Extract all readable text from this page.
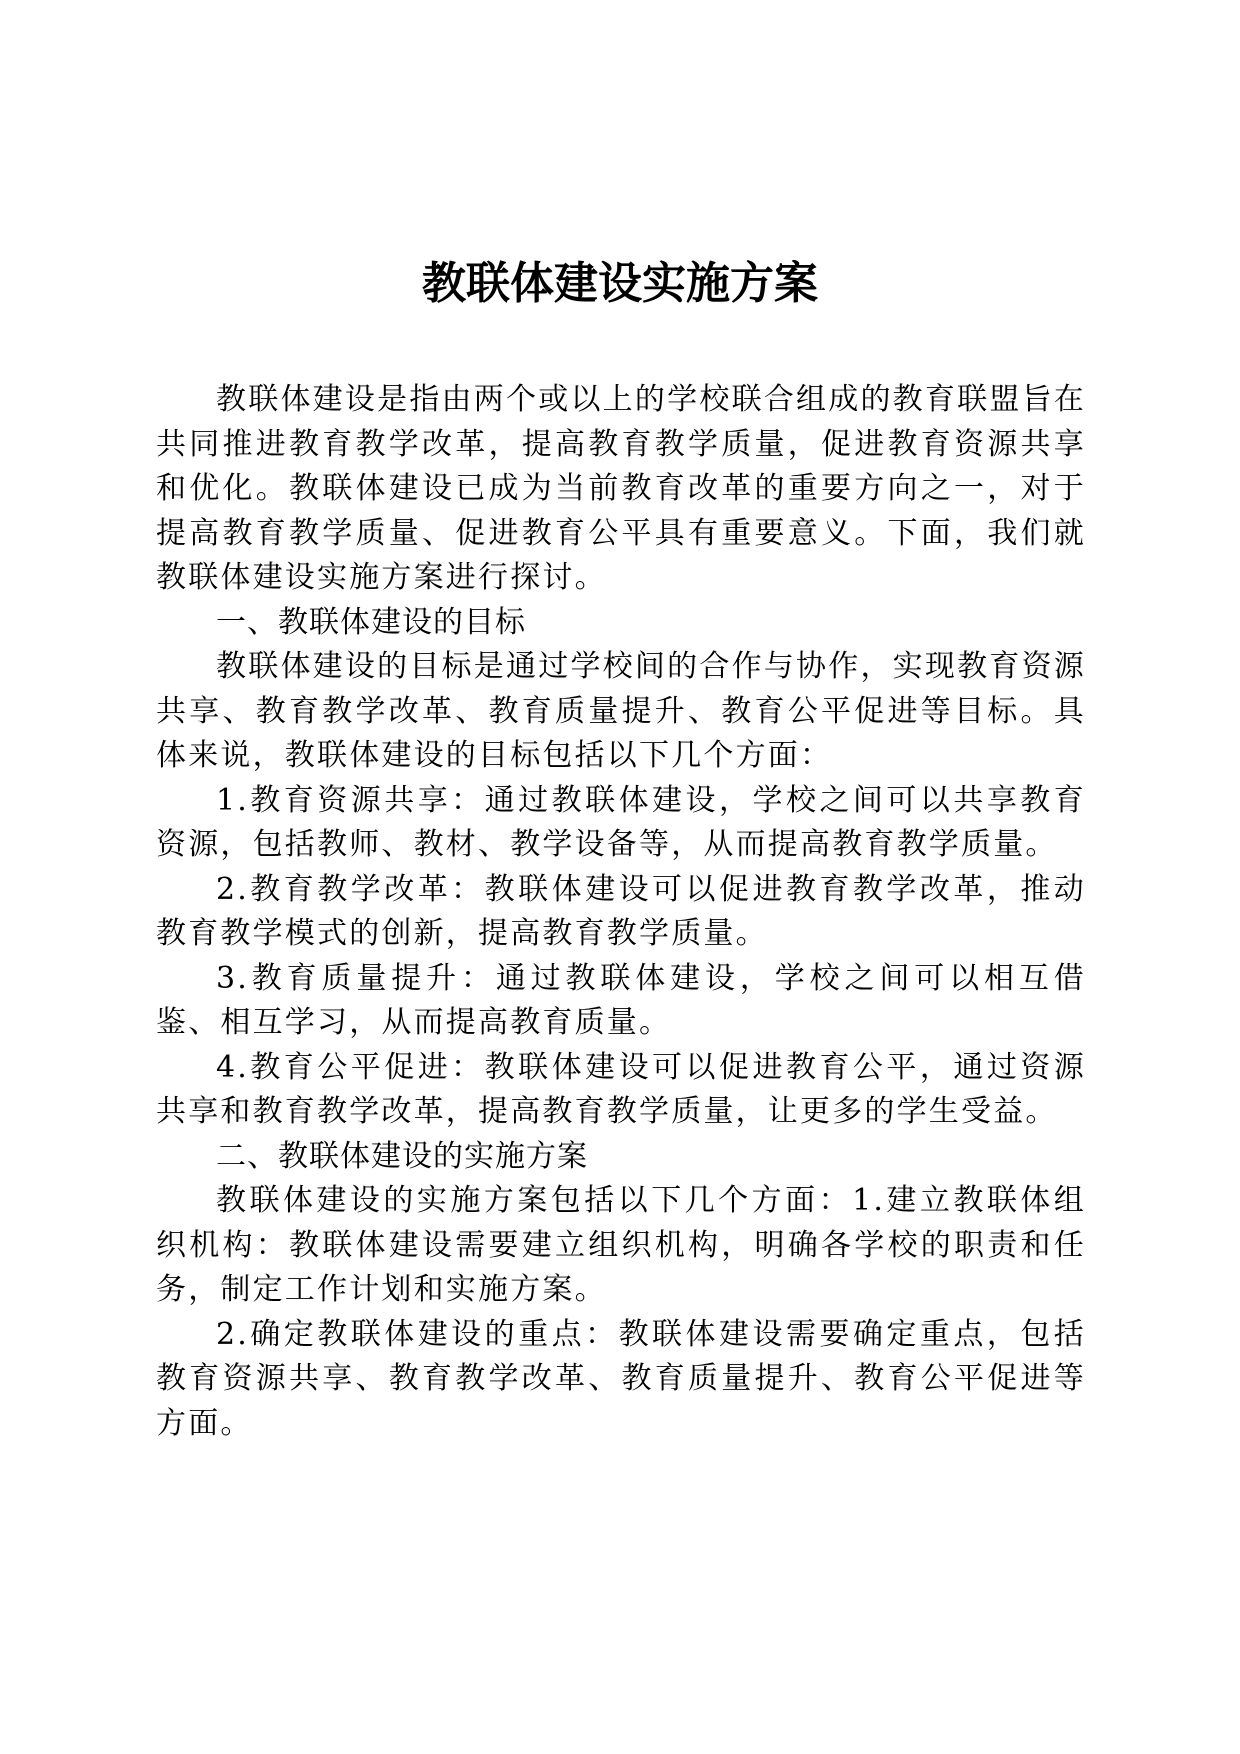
教联体建设实施方案

教联体建设是指由两个或以上的学校联合组成的教育联盟旨在共同推进教育教学改革，提高教育教学质量，促进教育资源共享和优化。教联体建设已成为当前教育改革的重要方向之一，对于提高教育教学质量、促进教育公平具有重要意义。下面，我们就教联体建设实施方案进行探讨。

一、教联体建设的目标

教联体建设的目标是通过学校间的合作与协作，实现教育资源共享、教育教学改革、教育质量提升、教育公平促进等目标。具体来说，教联体建设的目标包括以下几个方面：

1.教育资源共享：通过教联体建设，学校之间可以共享教育资源，包括教师、教材、教学设备等，从而提高教育教学质量。

2.教育教学改革：教联体建设可以促进教育教学改革，推动教育教学模式的创新，提高教育教学质量。

3.教育质量提升：通过教联体建设，学校之间可以相互借鉴、相互学习，从而提高教育质量。

4.教育公平促进：教联体建设可以促进教育公平，通过资源共享和教育教学改革，提高教育教学质量，让更多的学生受益。

二、教联体建设的实施方案

教联体建设的实施方案包括以下几个方面：1.建立教联体组织机构：教联体建设需要建立组织机构，明确各学校的职责和任务，制定工作计划和实施方案。

2.确定教联体建设的重点：教联体建设需要确定重点，包括教育资源共享、教育教学改革、教育质量提升、教育公平促进等方面。
